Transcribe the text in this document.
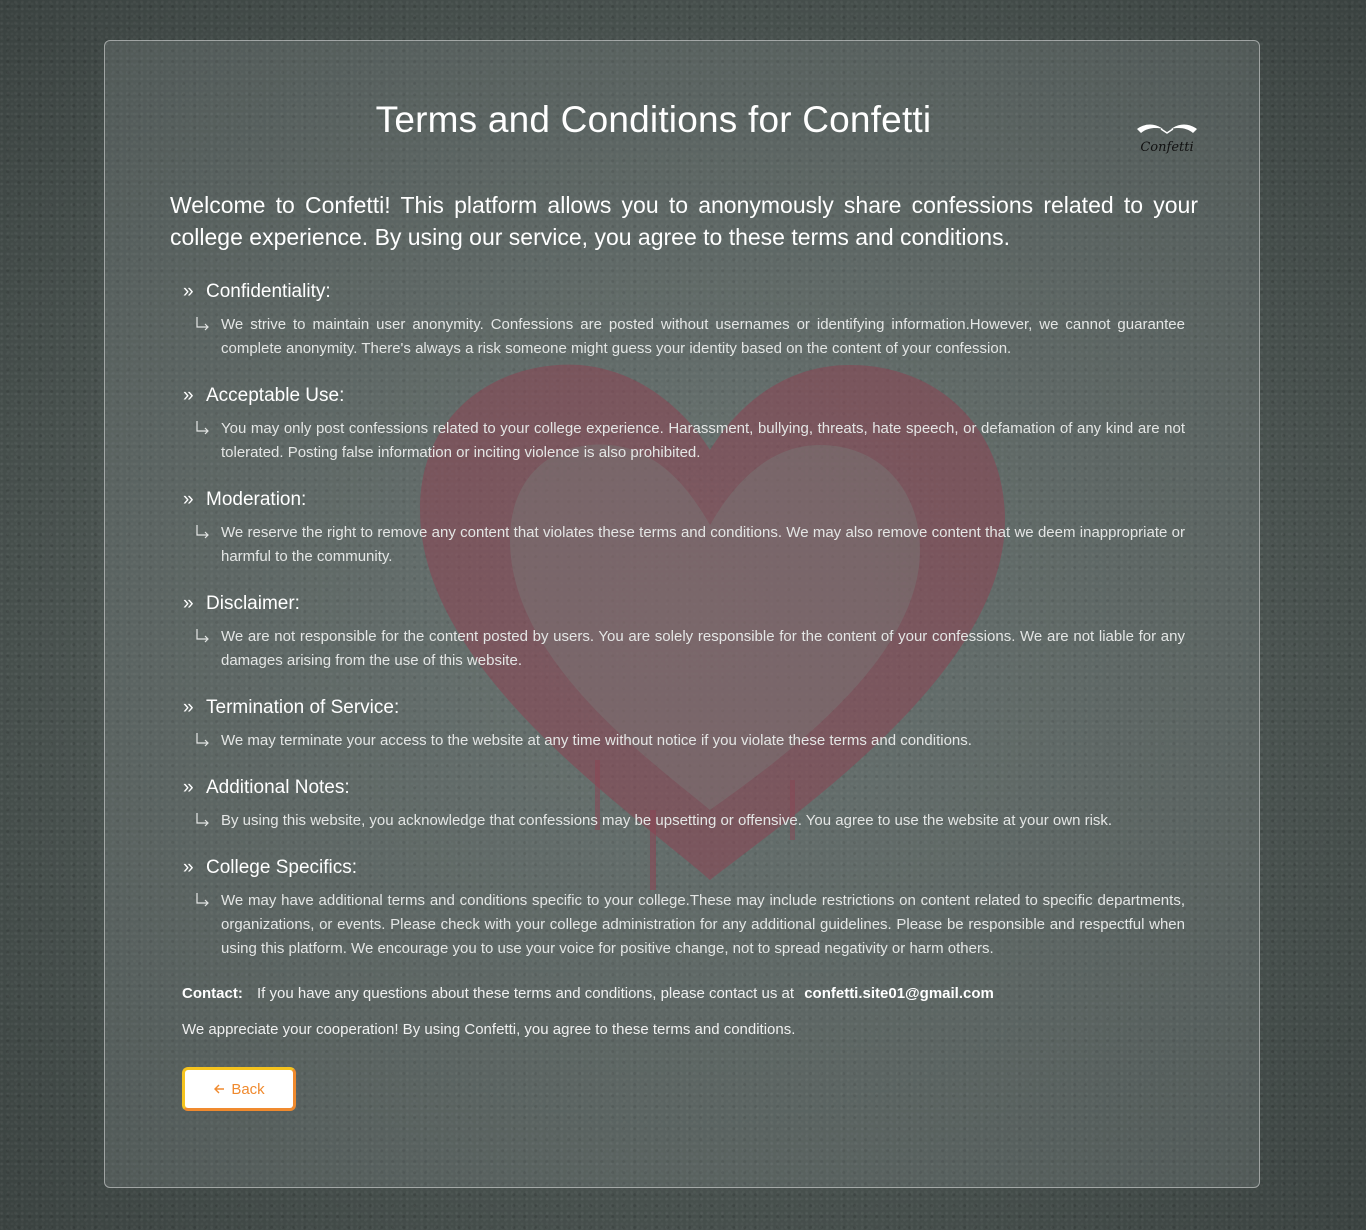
Terms and Conditions for Confetti
Confetti

Welcome to Confetti! This platform allows you to anonymously share confessions related to your college experience. By using our service, you agree to these terms and conditions.

» Confidentiality:
We strive to maintain user anonymity. Confessions are posted without usernames or identifying information.However, we cannot guarantee complete anonymity. There's always a risk someone might guess your identity based on the content of your confession.
» Acceptable Use:
You may only post confessions related to your college experience. Harassment, bullying, threats, hate speech, or defamation of any kind are not tolerated. Posting false information or inciting violence is also prohibited.
» Moderation:
We reserve the right to remove any content that violates these terms and conditions. We may also remove content that we deem inappropriate or harmful to the community.
» Disclaimer:
We are not responsible for the content posted by users. You are solely responsible for the content of your confessions. We are not liable for any damages arising from the use of this website.
» Termination of Service:
We may terminate your access to the website at any time without notice if you violate these terms and conditions.
» Additional Notes:
By using this website, you acknowledge that confessions may be upsetting or offensive. You agree to use the website at your own risk.
» College Specifics:
We may have additional terms and conditions specific to your college.These may include restrictions on content related to specific departments, organizations, or events. Please check with your college administration for any additional guidelines. Please be responsible and respectful when using this platform. We encourage you to use your voice for positive change, not to spread negativity or harm others.
Contact: If you have any questions about these terms and conditions, please contact us at confetti.site01@gmail.com
We appreciate your cooperation! By using Confetti, you agree to these terms and conditions.
Back
